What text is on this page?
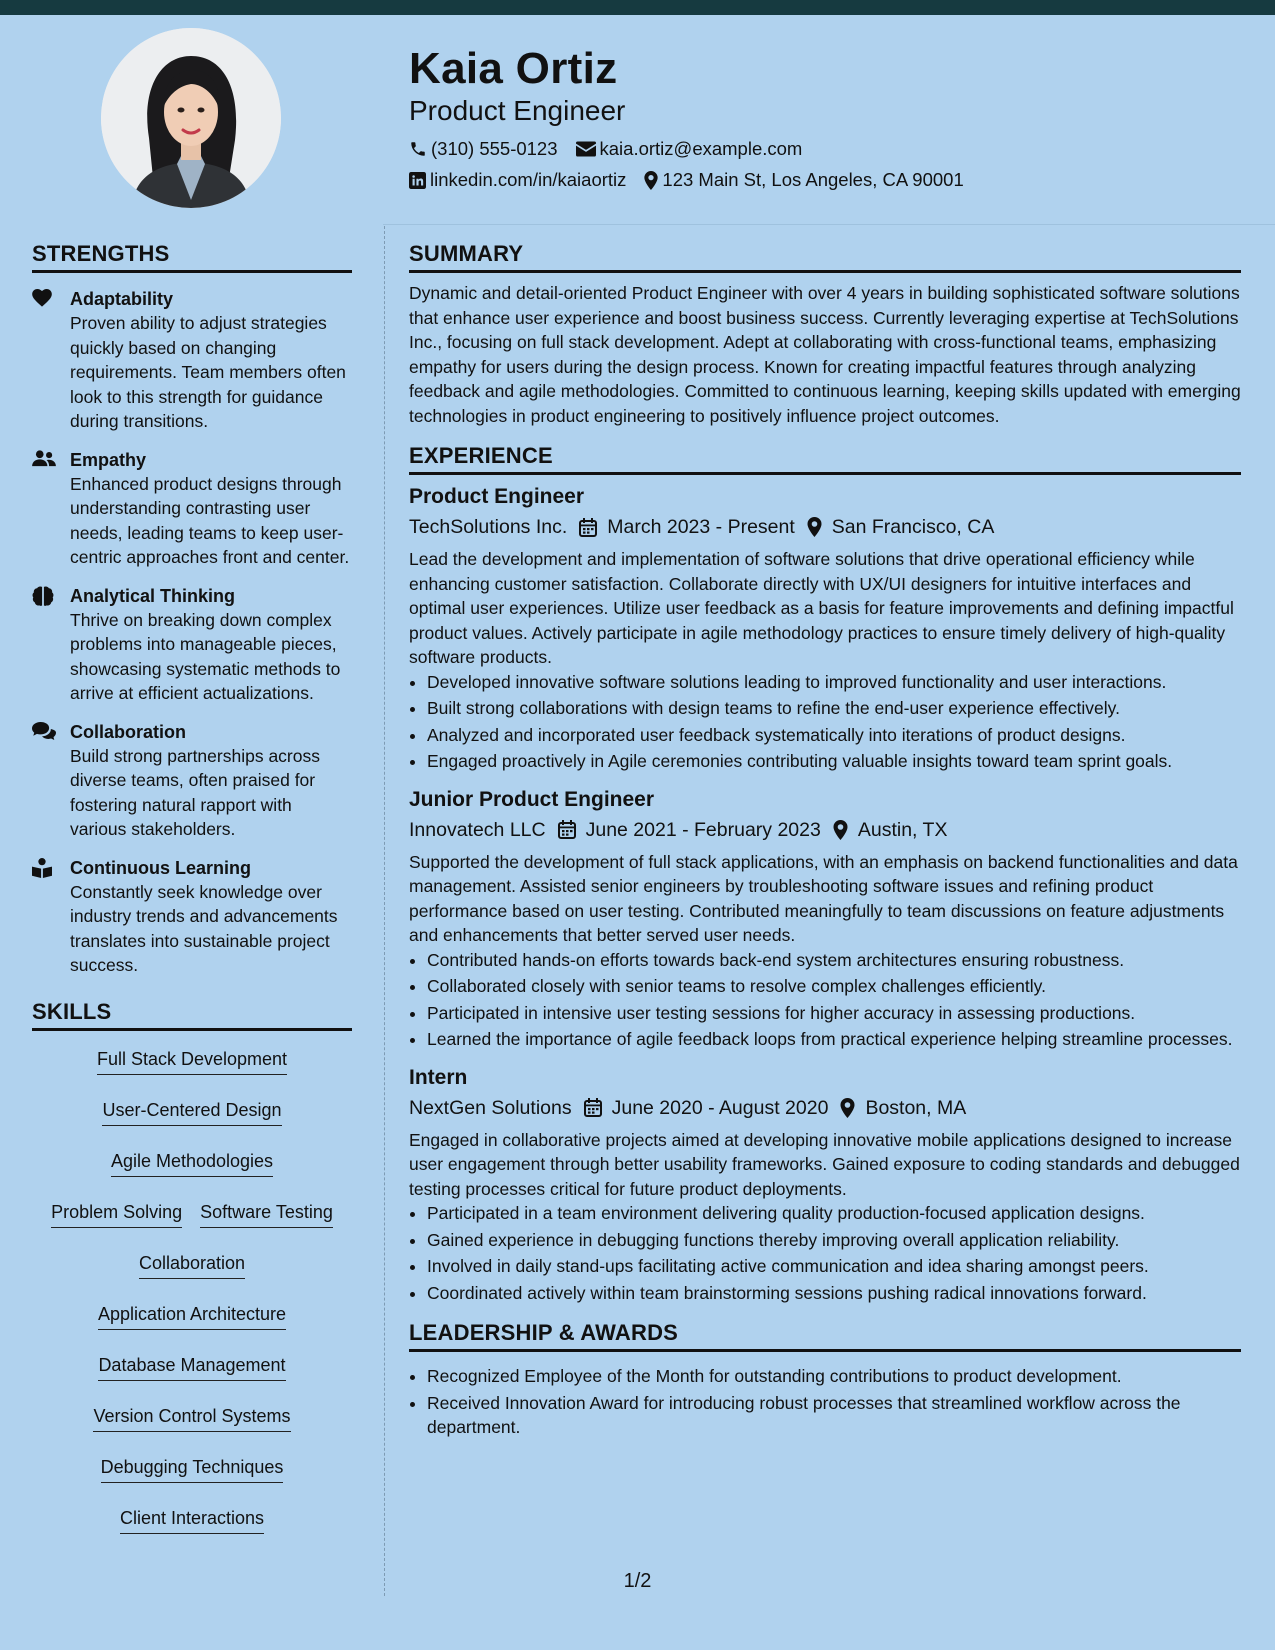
Kaia Ortiz
Product Engineer
(310) 555-0123 kaia.ortiz@example.com
linkedin.com/in/kaiaortiz 123 Main St, Los Angeles, CA 90001
STRENGTHS
Adaptability
Proven ability to adjust strategies quickly based on changing requirements. Team members often look to this strength for guidance during transitions.
Empathy
Enhanced product designs through understanding contrasting user needs, leading teams to keep user-centric approaches front and center.
Analytical Thinking
Thrive on breaking down complex problems into manageable pieces, showcasing systematic methods to arrive at efficient actualizations.
Collaboration
Build strong partnerships across diverse teams, often praised for fostering natural rapport with various stakeholders.
Continuous Learning
Constantly seek knowledge over industry trends and advancements translates into sustainable project success.
SKILLS
Full Stack Development
User-Centered Design
Agile Methodologies
Problem Solving Software Testing
Collaboration
Application Architecture
Database Management
Version Control Systems
Debugging Techniques
Client Interactions
SUMMARY

Dynamic and detail-oriented Product Engineer with over 4 years in building sophisticated software solutions that enhance user experience and boost business success. Currently leveraging expertise at TechSolutions Inc., focusing on full stack development. Adept at collaborating with cross-functional teams, emphasizing empathy for users during the design process. Known for creating impactful features through analyzing feedback and agile methodologies. Committed to continuous learning, keeping skills updated with emerging technologies in product engineering to positively influence project outcomes.

EXPERIENCE
Product Engineer
TechSolutions Inc. March 2023 - Present San Francisco, CA

Lead the development and implementation of software solutions that drive operational efficiency while enhancing customer satisfaction. Collaborate directly with UX/UI designers for intuitive interfaces and optimal user experiences. Utilize user feedback as a basis for feature improvements and defining impactful product values. Actively participate in agile methodology practices to ensure timely delivery of high-quality software products.

• Developed innovative software solutions leading to improved functionality and user interactions.
• Built strong collaborations with design teams to refine the end-user experience effectively.
• Analyzed and incorporated user feedback systematically into iterations of product designs.
• Engaged proactively in Agile ceremonies contributing valuable insights toward team sprint goals.
Junior Product Engineer
Innovatech LLC June 2021 - February 2023 Austin, TX

Supported the development of full stack applications, with an emphasis on backend functionalities and data management. Assisted senior engineers by troubleshooting software issues and refining product performance based on user testing. Contributed meaningfully to team discussions on feature adjustments and enhancements that better served user needs.

• Contributed hands-on efforts towards back-end system architectures ensuring robustness.
• Collaborated closely with senior teams to resolve complex challenges efficiently.
• Participated in intensive user testing sessions for higher accuracy in assessing productions.
• Learned the importance of agile feedback loops from practical experience helping streamline processes.
Intern
NextGen Solutions June 2020 - August 2020 Boston, MA

Engaged in collaborative projects aimed at developing innovative mobile applications designed to increase user engagement through better usability frameworks. Gained exposure to coding standards and debugged testing processes critical for future product deployments.

• Participated in a team environment delivering quality production-focused application designs.
• Gained experience in debugging functions thereby improving overall application reliability.
• Involved in daily stand-ups facilitating active communication and idea sharing amongst peers.
• Coordinated actively within team brainstorming sessions pushing radical innovations forward.
LEADERSHIP & AWARDS
• Recognized Employee of the Month for outstanding contributions to product development.
• Received Innovation Award for introducing robust processes that streamlined workflow across the department.
1/2
